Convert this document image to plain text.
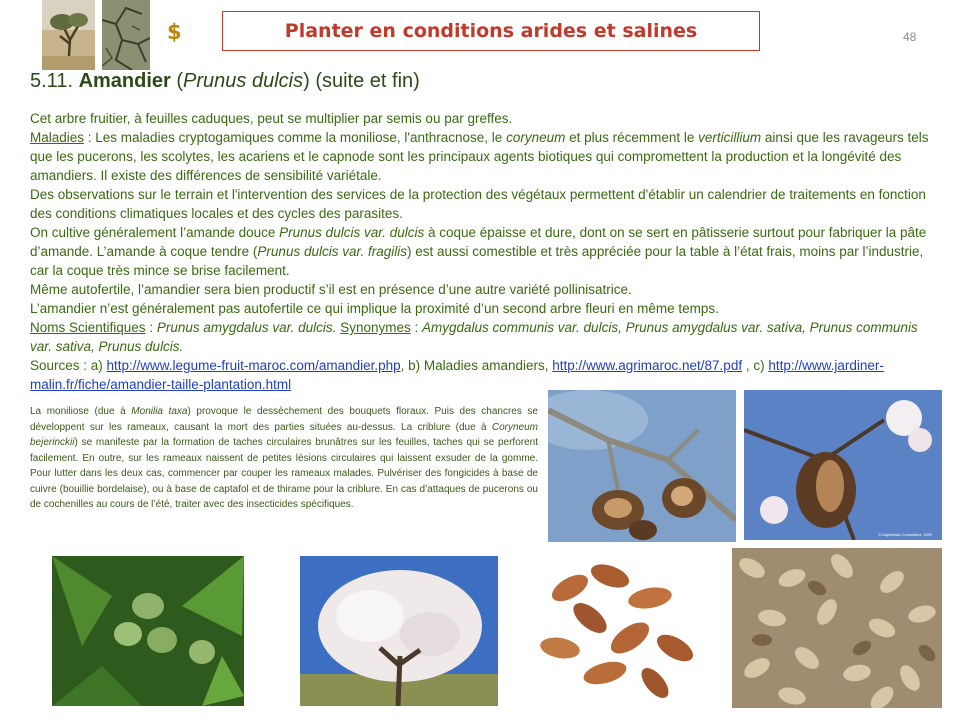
$	Planter en conditions arides et salines	48
5.11. Amandier (Prunus dulcis) (suite et fin)

Cet arbre fruitier, à feuilles caduques, peut se multiplier par semis ou par greffes.

Maladies : Les maladies cryptogamiques comme la moniliose, l'anthracnose, le coryneum et plus récemment le verticillium ainsi que les ravageurs tels que les pucerons, les scolytes, les acariens et le capnode sont les principaux agents biotiques qui compromettent la production et la longévité des amandiers. Il existe des différences de sensibilité variétale.

Des observations sur le terrain et l'intervention des services de la protection des végétaux permettent d'établir un calendrier de traitements en fonction des conditions climatiques locales et des cycles des parasites.

On cultive généralement l’amande douce Prunus dulcis var. dulcis à coque épaisse et dure, dont on se sert en pâtisserie surtout pour fabriquer la pâte d’amande. L’amande à coque tendre (Prunus dulcis var. fragilis) est aussi comestible et très appréciée pour la table à l’état frais, moins par l’industrie, car la coque très mince se brise facilement.

Même autofertile, l’amandier sera bien productif s’il est en présence d’une autre variété pollinisatrice.

L’amandier n’est généralement pas autofertile ce qui implique la proximité d’un second arbre fleuri en même temps.

Noms Scientifiques : Prunus amygdalus var. dulcis. Synonymes : Amygdalus communis var. dulcis, Prunus amygdalus var. sativa, Prunus communis var. sativa, Prunus dulcis.

Sources : a) http://www.legume-fruit-maroc.com/amandier.php, b) Maladies amandiers, http://www.agrimaroc.net/87.pdf , c) http://www.jardiner-malin.fr/fiche/amandier-taille-plantation.html

La moniliose (due à Monilia taxa) provoque le dessèchement des bouquets floraux. Puis des chancres se développent sur les rameaux, causant la mort des parties situées au-dessus. La criblure (due à Coryneum bejerinckii) se manifeste par la formation de taches circulaires brunâtres sur les feuilles, taches qui se perforent facilement. En outre, sur les rameaux naissent de petites lésions circulaires qui laissent exsuder de la gomme. Pour lutter dans les deux cas, commencer par couper les rameaux malades. Pulvériser des fongicides à base de cuivre (bouillie bordelaise), ou à base de captafol et de thirame pour la criblure. En cas d’attaques de pucerons ou de cochenilles au cours de l’été, traiter avec des insecticides spécifiques.
© Alquimista Consultant, 1999
